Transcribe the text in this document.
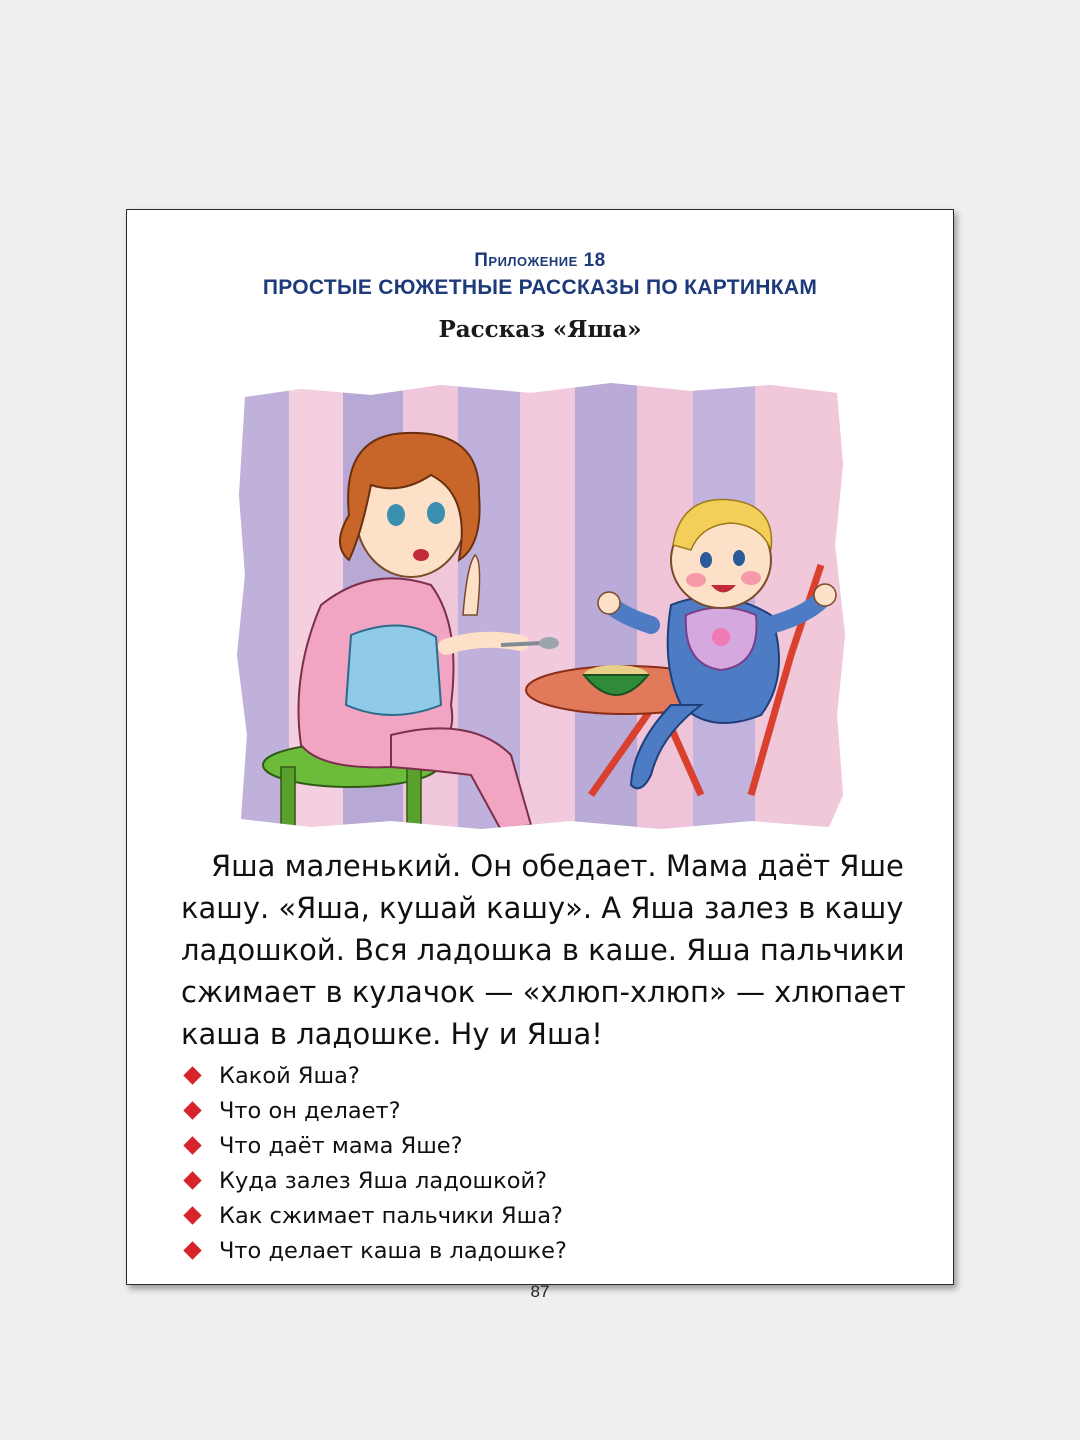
Приложение 18
ПРОСТЫЕ СЮЖЕТНЫЕ РАССКАЗЫ ПО КАРТИНКАМ
Рассказ «Яша»
Яша маленький. Он обедает. Мама даёт Яше кашу. «Яша, кушай кашу». А Яша залез в кашу ладошкой. Вся ладошка в каше. Яша пальчики сжимает в кулачок — «хлюп-хлюп» — хлюпает каша в ладошке. Ну и Яша!
Какой Яша?
Что он делает?
Что даёт мама Яше?
Куда залез Яша ладошкой?
Как сжимает пальчики Яша?
Что делает каша в ладошке?
87
